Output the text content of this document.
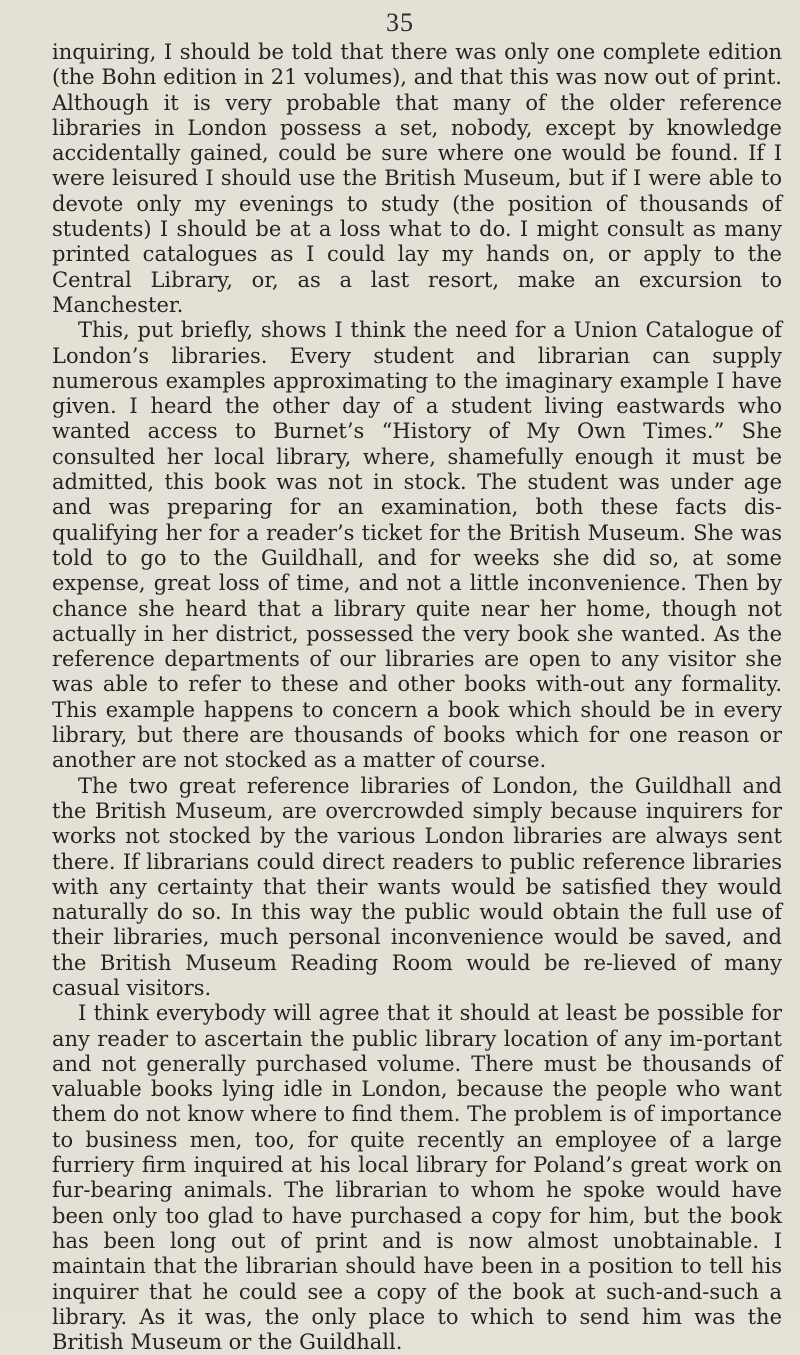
35

inquiring, I should be told that there was only one complete edition (the Bohn edition in 21 volumes), and that this was now out of print. Although it is very probable that many of the older reference libraries in London possess a set, nobody, except by knowledge accidentally gained, could be sure where one would be found. If I were leisured I should use the British Museum, but if I were able to devote only my evenings to study (the position of thousands of students) I should be at a loss what to do. I might consult as many printed catalogues as I could lay my hands on, or apply to the Central Library, or, as a last resort, make an excursion to Manchester.

This, put briefly, shows I think the need for a Union Catalogue of London’s libraries. Every student and librarian can supply numerous examples approximating to the imaginary example I have given. I heard the other day of a student living eastwards who wanted access to Burnet’s “History of My Own Times.” She consulted her local library, where, shamefully enough it must be admitted, this book was not in stock. The student was under age and was preparing for an examination, both these facts dis-qualifying her for a reader’s ticket for the British Museum. She was told to go to the Guildhall, and for weeks she did so, at some expense, great loss of time, and not a little inconvenience. Then by chance she heard that a library quite near her home, though not actually in her district, possessed the very book she wanted. As the reference departments of our libraries are open to any visitor she was able to refer to these and other books with-out any formality. This example happens to concern a book which should be in every library, but there are thousands of books which for one reason or another are not stocked as a matter of course.

The two great reference libraries of London, the Guildhall and the British Museum, are overcrowded simply because inquirers for works not stocked by the various London libraries are always sent there. If librarians could direct readers to public reference libraries with any certainty that their wants would be satisfied they would naturally do so. In this way the public would obtain the full use of their libraries, much personal inconvenience would be saved, and the British Museum Reading Room would be re-lieved of many casual visitors.

I think everybody will agree that it should at least be possible for any reader to ascertain the public library location of any im-portant and not generally purchased volume. There must be thousands of valuable books lying idle in London, because the people who want them do not know where to find them. The problem is of importance to business men, too, for quite recently an employee of a large furriery firm inquired at his local library for Poland’s great work on fur-bearing animals. The librarian to whom he spoke would have been only too glad to have purchased a copy for him, but the book has been long out of print and is now almost unobtainable. I maintain that the librarian should have been in a position to tell his inquirer that he could see a copy of the book at such-and-such a library. As it was, the only place to which to send him was the British Museum or the Guildhall.
